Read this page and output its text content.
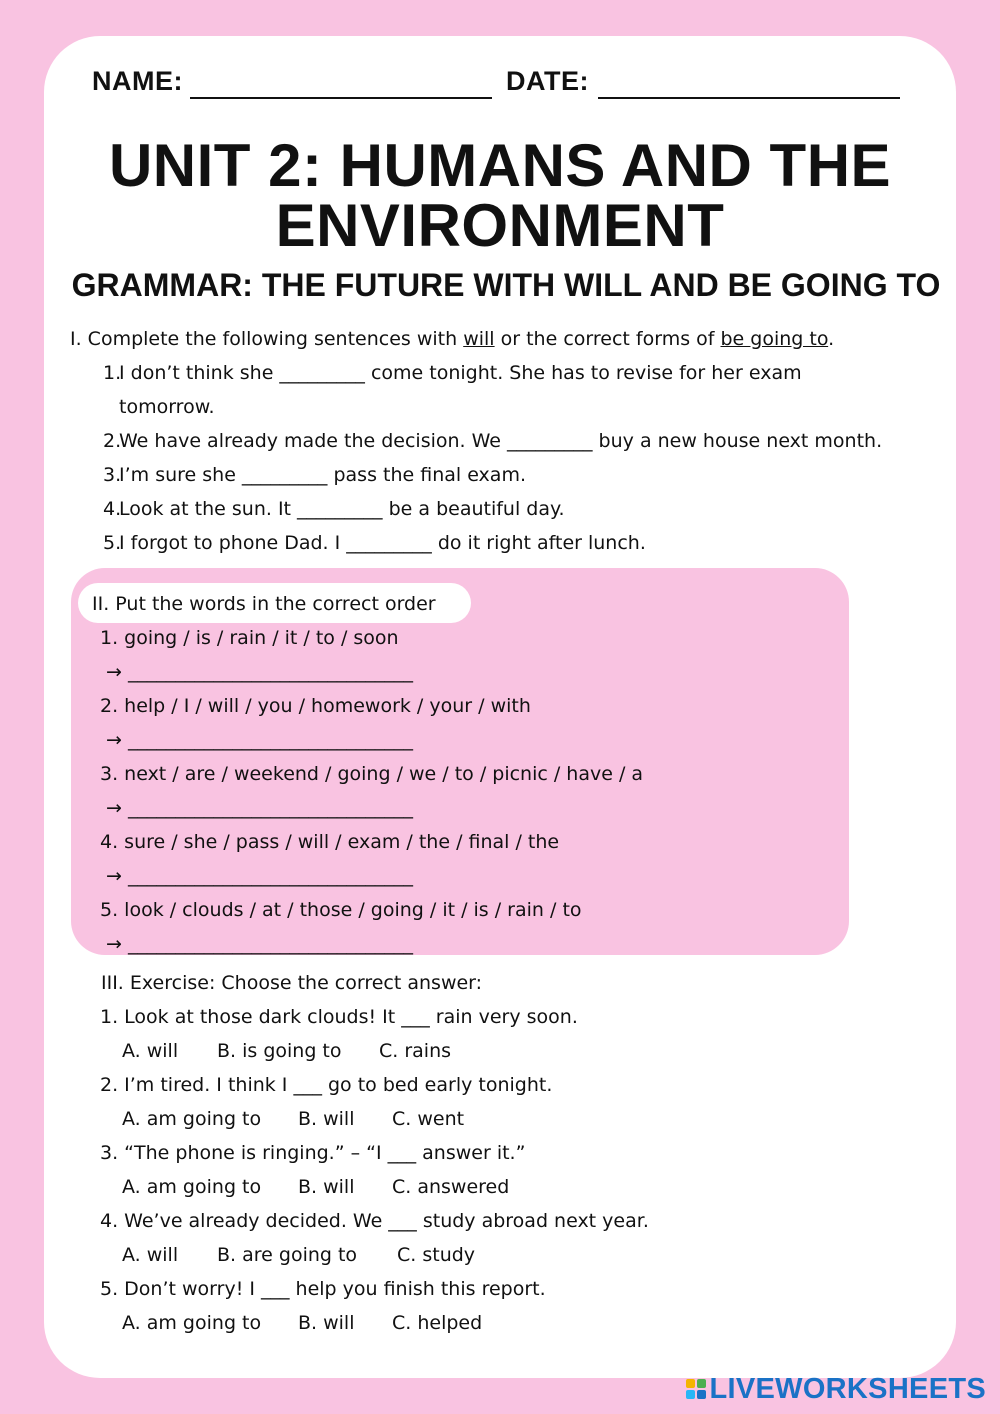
NAME:	DATE:
UNIT 2: HUMANS AND THE
ENVIRONMENT
GRAMMAR: THE FUTURE WITH WILL AND BE GOING TO
I. Complete the following sentences with will or the correct forms of be going to.
1.I don’t think she _________ come tonight. She has to revise for her exam
tomorrow.
2.We have already made the decision. We _________ buy a new house next month.
3.I’m sure she _________ pass the final exam.
4.Look at the sun. It _________ be a beautiful day.
5.I forgot to phone Dad. I _________ do it right after lunch.
II. Put the words in the correct order
1. going / is / rain / it / to / soon
→ ______________________________
2. help / I / will / you / homework / your / with
→ ______________________________
3. next / are / weekend / going / we / to / picnic / have / a
→ ______________________________
4. sure / she / pass / will / exam / the / final / the
→ ______________________________
5. look / clouds / at / those / going / it / is / rain / to
→ ______________________________
III. Exercise: Choose the correct answer:
1. Look at those dark clouds! It ___ rain very soon.
A. will B. is going to C. rains
2. I’m tired. I think I ___ go to bed early tonight.
A. am going to B. will C. went
3. “The phone is ringing.” – “I ___ answer it.”
A. am going to B. will C. answered
4. We’ve already decided. We ___ study abroad next year.
A. will B. are going to C. study
5. Don’t worry! I ___ help you finish this report.
A. am going to B. will C. helped
LIVEWORKSHEETS
